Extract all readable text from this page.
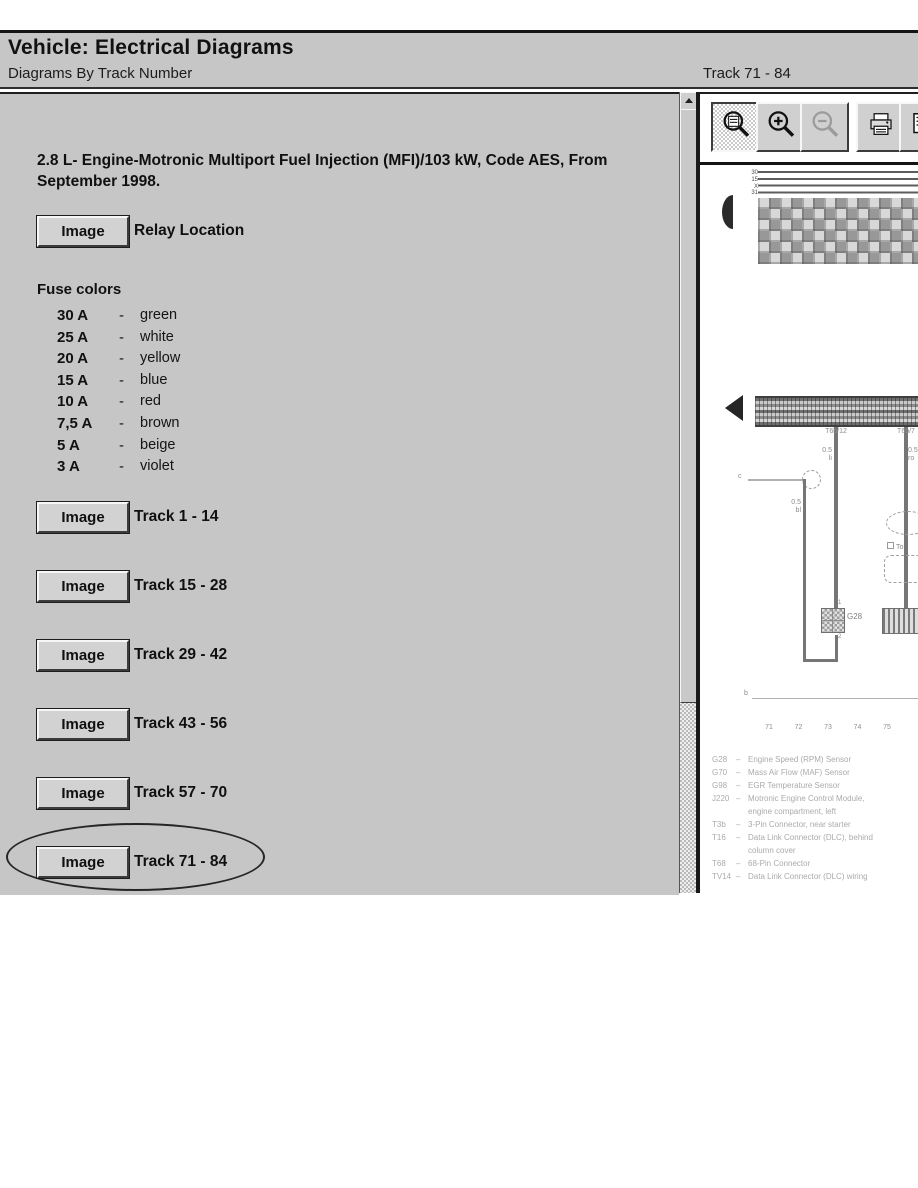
Vehicle: Electrical Diagrams
Diagrams By Track Number	Track 71 - 84
2.8 L- Engine-Motronic Multiport Fuel Injection (MFI)/103 kW, Code AES, From September 1998.
Image Relay Location
Fuse colors
30 A - green
25 A - white
20 A - yellow
15 A - blue
10 A - red
7,5 A - brown
5 A	- beige
3 A	- violet
Image Track 1 - 14
Image Track 15 - 28
Image Track 29 - 42
Image Track 43 - 56
Image Track 57 - 70
Image Track 71 - 84
30
15
X
31
T6b/12	T6b/7
0.5
li
0.5
ro
c
0.5
bl
G28
1
2
To
b
71	72	73	74	75
G28 – Engine Speed (RPM) Sensor
G70 – Mass Air Flow (MAF) Sensor
G98 – EGR Temperature Sensor
J220 – Motronic Engine Control Module,
engine compartment, left
T3b – 3-Pin Connector, near starter
T16 – Data Link Connector (DLC), behind
column cover
T68 – 68-Pin Connector
TV14 – Data Link Connector (DLC) wiring
